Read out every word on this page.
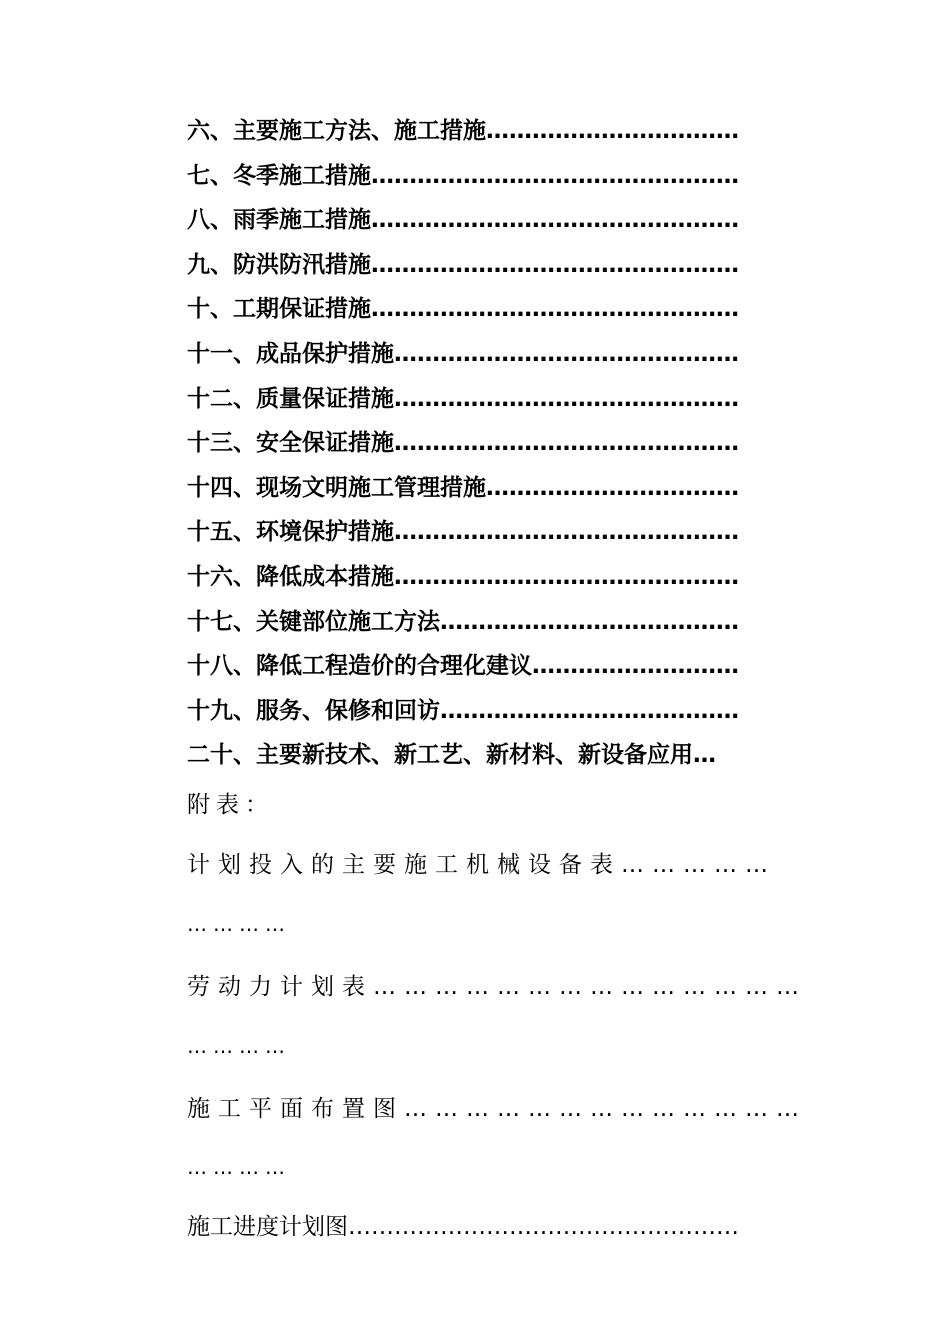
六、主要施工方法、施工措施……………………………
七、冬季施工措施…………………………………………
八、雨季施工措施…………………………………………
九、防洪防汛措施…………………………………………
十、工期保证措施…………………………………………
十一、成品保护措施………………………………………
十二、质量保证措施………………………………………
十三、安全保证措施………………………………………
十四、现场文明施工管理措施……………………………
十五、环境保护措施………………………………………
十六、降低成本措施………………………………………
十七、关键部位施工方法…………………………………
十八、降低工程造价的合理化建议………………………
十九、服务、保修和回访…………………………………
二十、主要新技术、新工艺、新材料、新设备应用…
附表：
计划投入的主要施工机械设备表……………
…………
劳动力计划表……………………………………
…………
施工平面布置图…………………………………
…………
施工进度计划图……………………………………………
